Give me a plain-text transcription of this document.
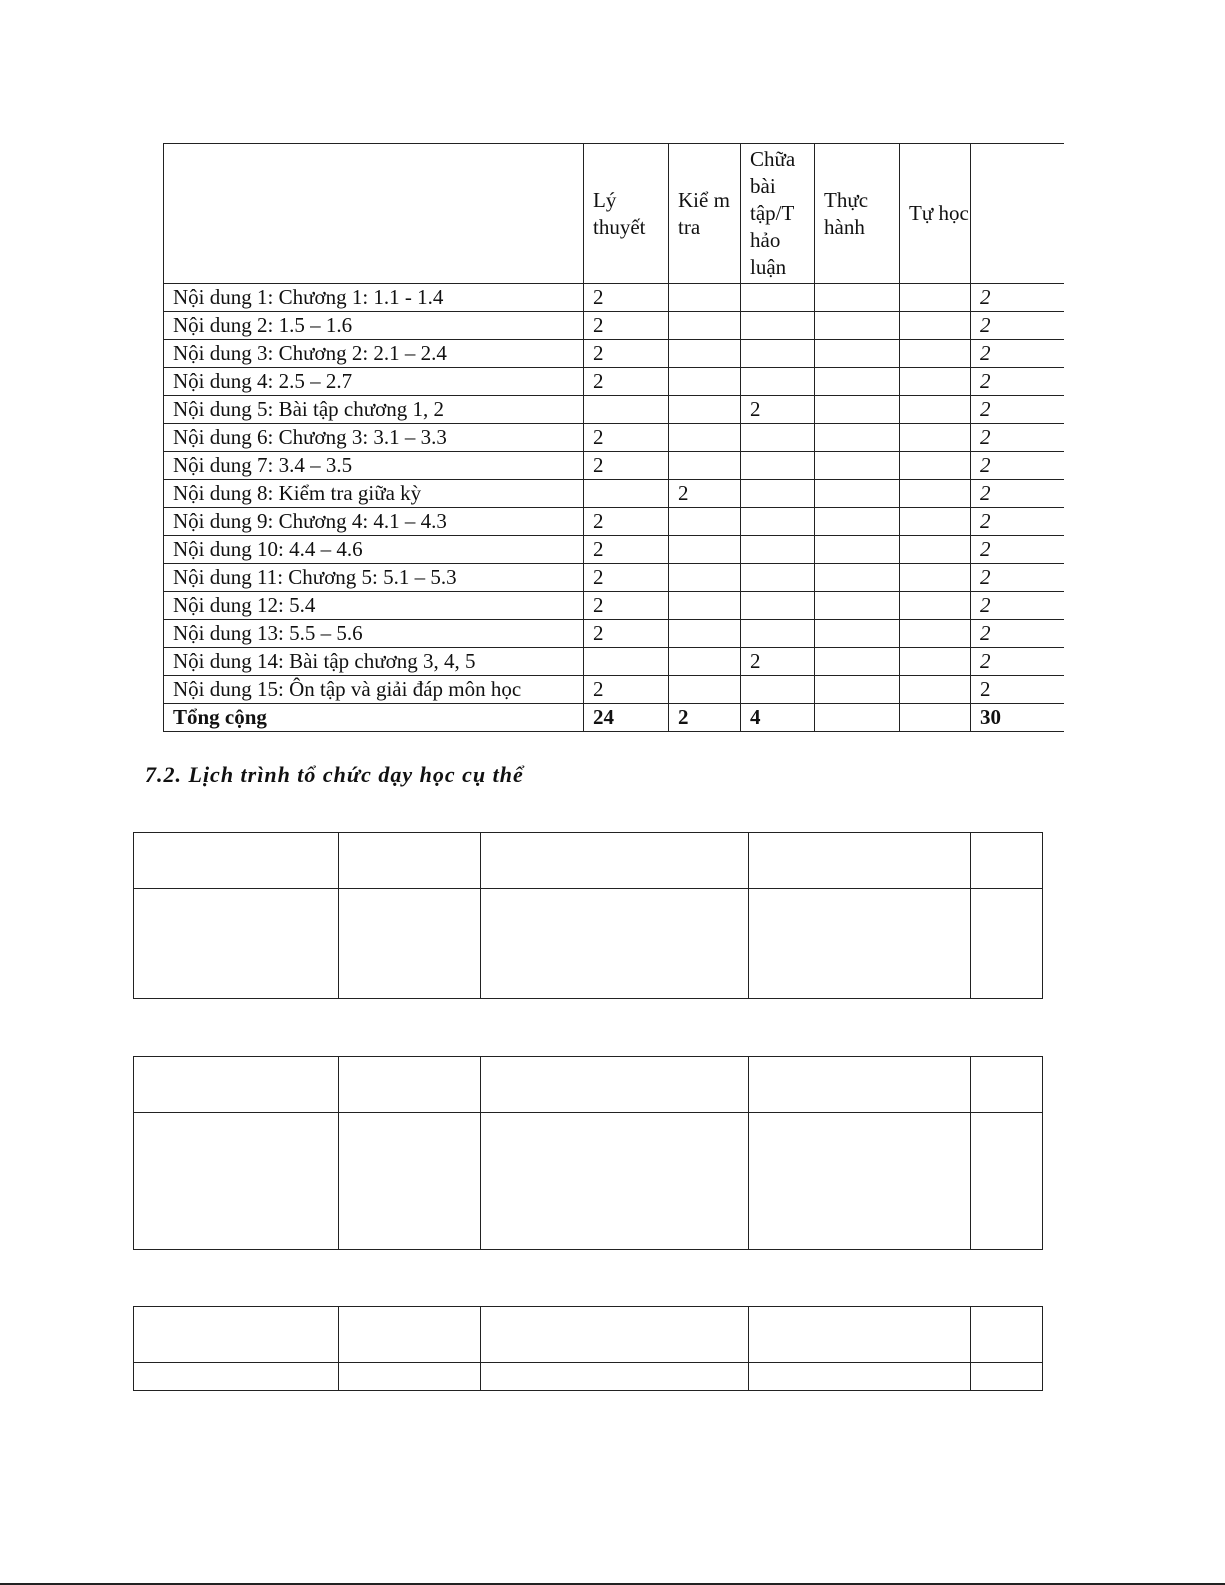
	Lý thuyết	Kiể m tra	Chữa bài tập/T hảo luận	Thực hành	Tự học	
Nội dung 1: Chương 1: 1.1 - 1.4	2					2
Nội dung 2: 1.5 – 1.6	2					2
Nội dung 3: Chương 2: 2.1 – 2.4	2					2
Nội dung 4: 2.5 – 2.7	2					2
Nội dung 5: Bài tập chương 1, 2			2			2
Nội dung 6: Chương 3: 3.1 – 3.3	2					2
Nội dung 7: 3.4 – 3.5	2					2
Nội dung 8: Kiểm tra giữa kỳ		2				2
Nội dung 9: Chương 4: 4.1 – 4.3	2					2
Nội dung 10: 4.4 – 4.6	2					2
Nội dung 11: Chương 5: 5.1 – 5.3	2					2
Nội dung 12: 5.4	2					2
Nội dung 13: 5.5 – 5.6	2					2
Nội dung 14: Bài tập chương 3, 4, 5			2			2
Nội dung 15: Ôn tập và giải đáp môn học	2					2
Tổng cộng	24	2	4			30
7.2. Lịch trình tổ chức dạy học cụ thể
